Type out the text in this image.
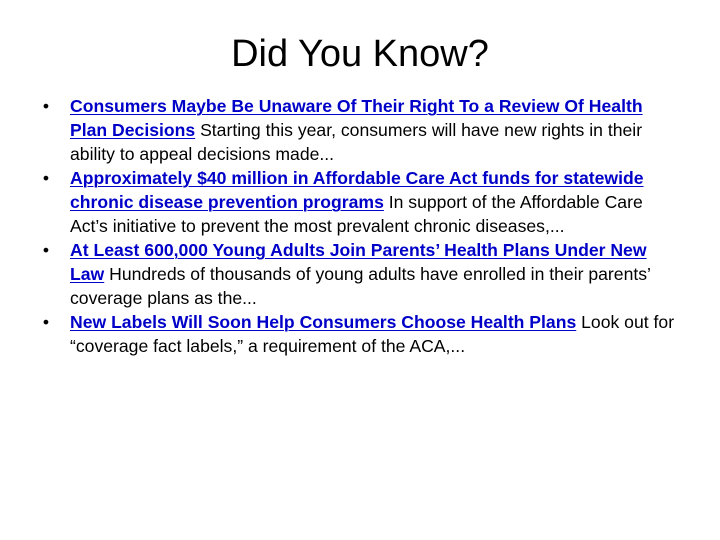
Did You Know?
•	Consumers Maybe Be Unaware Of Their Right To a Review Of Health Plan Decisions Starting this year, consumers will have new rights in their ability to appeal decisions made...
•	Approximately $40 million in Affordable Care Act funds for statewide chronic disease prevention programs In support of the Affordable Care Act’s initiative to prevent the most prevalent chronic diseases,...
•	At Least 600,000 Young Adults Join Parents’ Health Plans Under New Law Hundreds of thousands of young adults have enrolled in their parents’ coverage plans as the...
•	New Labels Will Soon Help Consumers Choose Health Plans Look out for “coverage fact labels,” a requirement of the ACA,...
